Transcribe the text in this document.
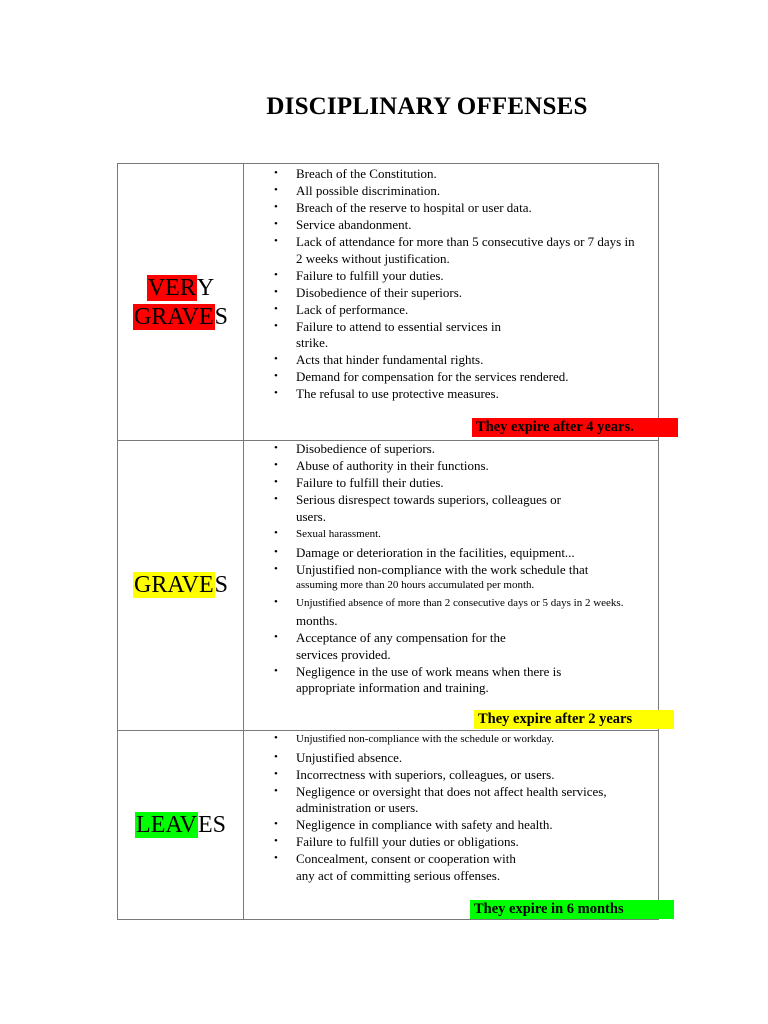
DISCIPLINARY OFFENSES
VERY
GRAVES
• Breach of the Constitution.
• All possible discrimination.
• Breach of the reserve to hospital or user data.
• Service abandonment.
• Lack of attendance for more than 5 consecutive days or 7 days in 2 weeks without justification.
• Failure to fulfill your duties.
• Disobedience of their superiors.
• Lack of performance.
• Failure to attend to essential services in strike.
• Acts that hinder fundamental rights.
• Demand for compensation for the services rendered.
• The refusal to use protective measures.
They expire after 4 years.
GRAVES
• Disobedience of superiors.
• Abuse of authority in their functions.
• Failure to fulfill their duties.
• Serious disrespect towards superiors, colleagues or users.
• Sexual harassment.
• Damage or deterioration in the facilities, equipment...
• Unjustified non-compliance with the work schedule that
assuming more than 20 hours accumulated per month.
• Unjustified absence of more than 2 consecutive days or 5 days in 2 weeks.
months.
• Acceptance of any compensation for the services provided.
• Negligence in the use of work means when there is appropriate information and training.
They expire after 2 years
LEAVES
• Unjustified non-compliance with the schedule or workday.
• Unjustified absence.
• Incorrectness with superiors, colleagues, or users.
• Negligence or oversight that does not affect health services, administration or users.
• Negligence in compliance with safety and health.
• Failure to fulfill your duties or obligations.
• Concealment, consent or cooperation with any act of committing serious offenses.
They expire in 6 months
